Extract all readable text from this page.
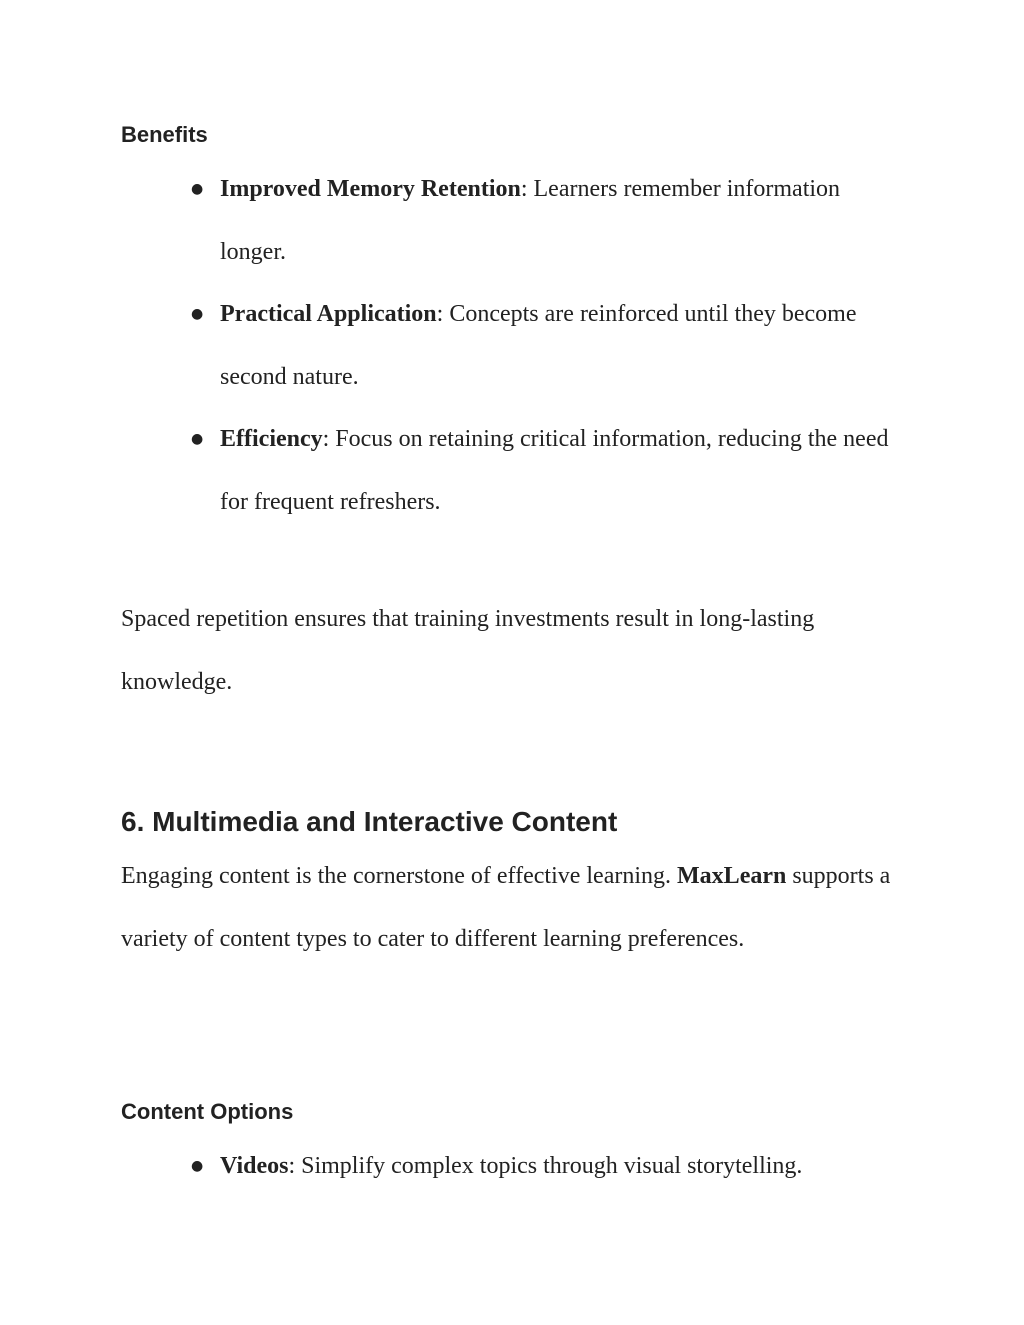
Benefits
● Improved Memory Retention: Learners remember information longer.
● Practical Application: Concepts are reinforced until they become second nature.
● Efficiency: Focus on retaining critical information, reducing the need for frequent refreshers.

Spaced repetition ensures that training investments result in long-lasting knowledge.

6. Multimedia and Interactive Content

Engaging content is the cornerstone of effective learning. MaxLearn supports a variety of content types to cater to different learning preferences.

Content Options
● Videos: Simplify complex topics through visual storytelling.
